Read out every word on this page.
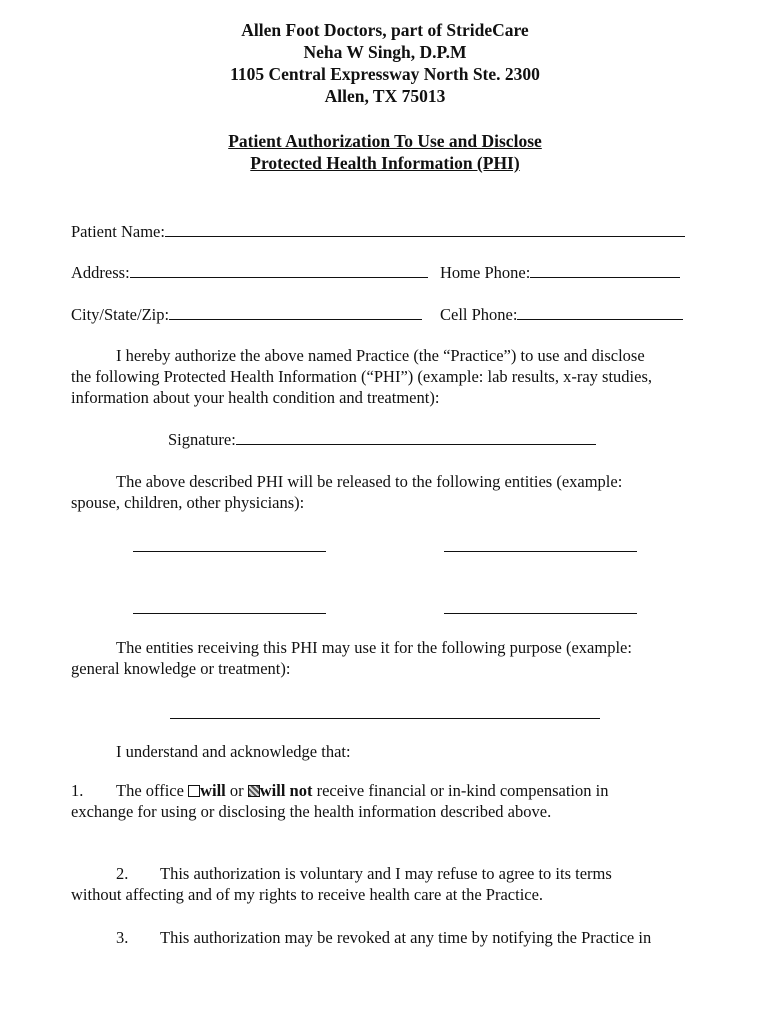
Allen Foot Doctors, part of StrideCare
Neha W Singh, D.P.M
1105 Central Expressway North Ste. 2300
Allen, TX 75013
Patient Authorization To Use and Disclose
Protected Health Information (PHI)
Patient Name:
Address:	Home Phone:
City/State/Zip:	Cell Phone:
I hereby authorize the above named Practice (the “Practice”) to use and disclose
the following Protected Health Information (“PHI”) (example: lab results, x-ray studies,
information about your health condition and treatment):
Signature:
The above described PHI will be released to the following entities (example:
spouse, children, other physicians):
The entities receiving this PHI may use it for the following purpose (example:
general knowledge or treatment):
I understand and acknowledge that:
1. The office will or will not receive financial or in-kind compensation in
exchange for using or disclosing the health information described above.
2. This authorization is voluntary and I may refuse to agree to its terms
without affecting and of my rights to receive health care at the Practice.
3. This authorization may be revoked at any time by notifying the Practice in
